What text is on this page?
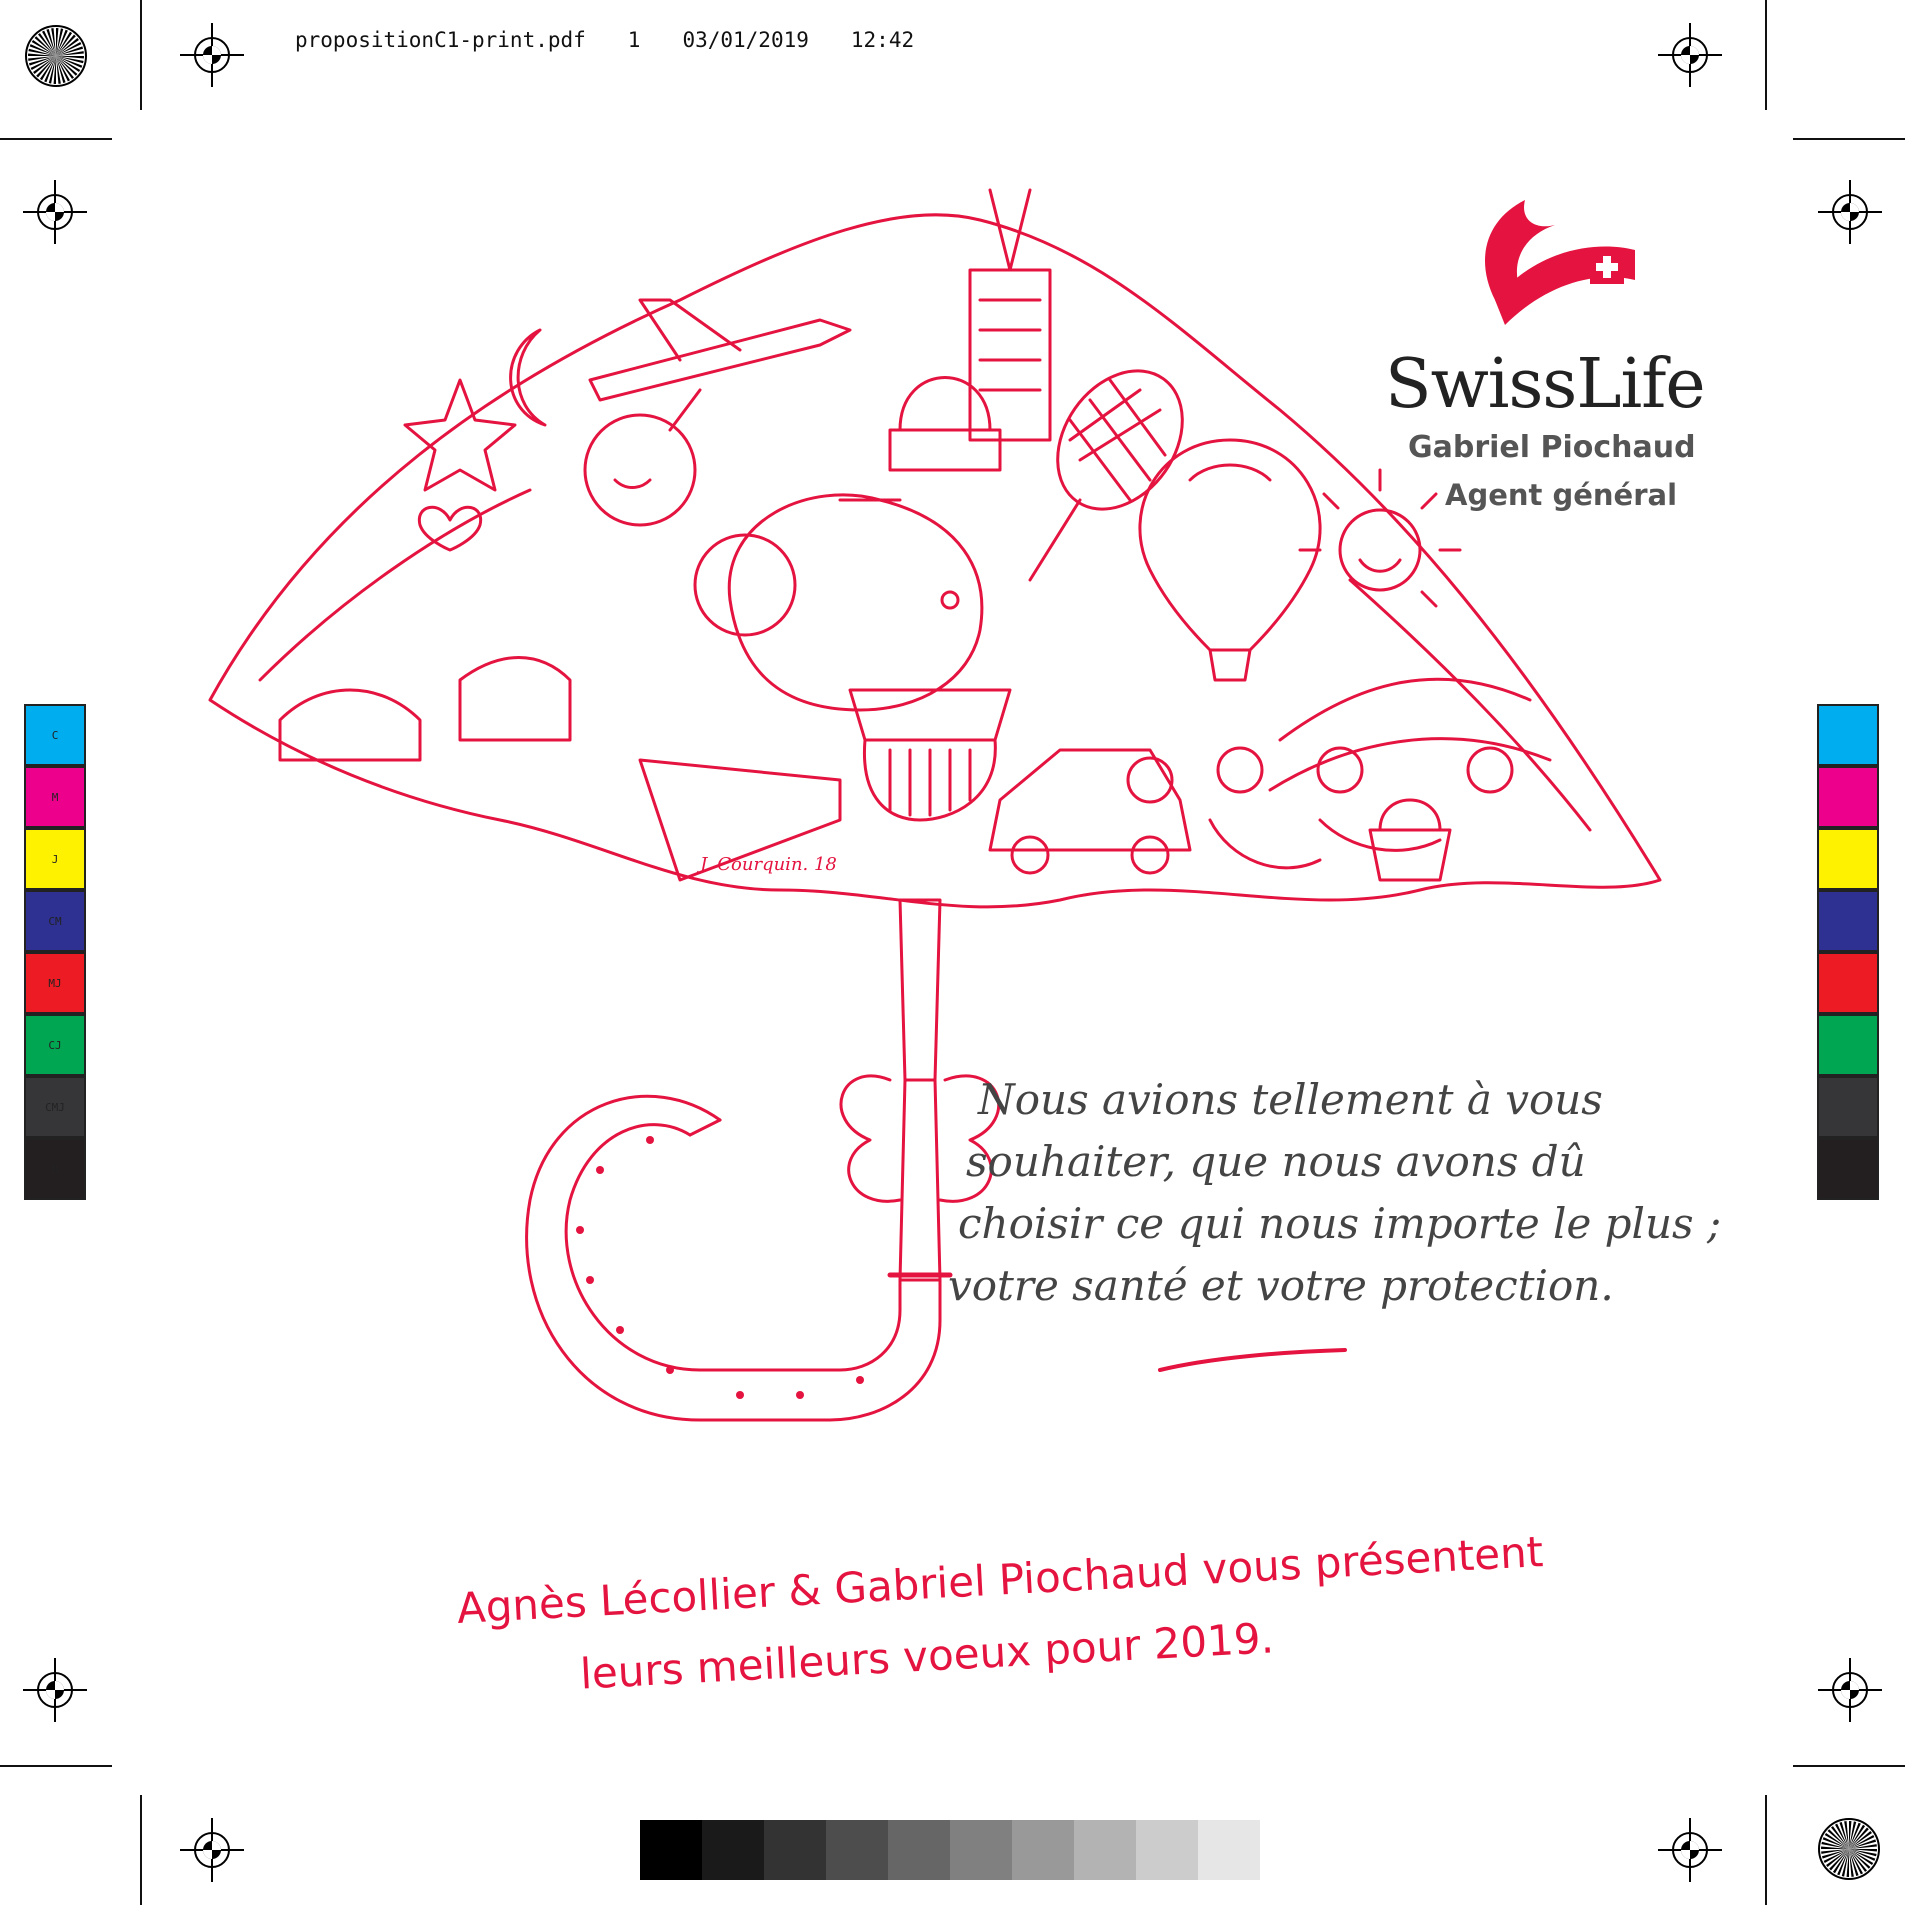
propositionC1-print.pdf 1 03/01/2019 12:42
C
M
J
CM
MJ
CJ
CMJ
N
J. Courquin. 18
SwissLife
Gabriel Piochaud
Agent général
Nous avions tellement à vous
souhaiter, que nous avons dû
choisir ce qui nous importe le plus ;
votre santé et votre protection.
Agnès Lécollier & Gabriel Piochaud vous présentent
leurs meilleurs voeux pour 2019.
